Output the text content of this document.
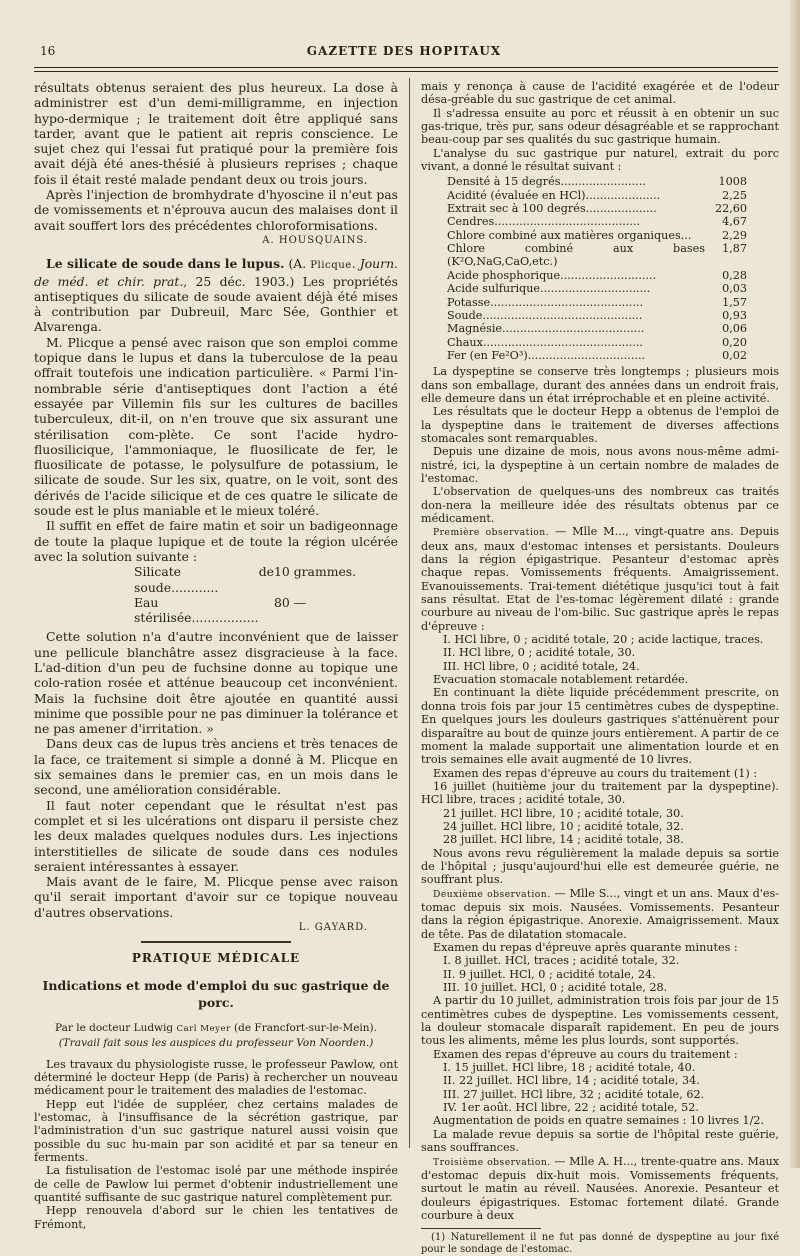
16	GAZETTE DES HOPITAUX

résultats obtenus seraient des plus heureux. La dose à administrer est d'un demi-milligramme, en injection hypo-dermique ; le traitement doit être appliqué sans tarder, avant que le patient ait repris conscience. Le sujet chez qui l'essai fut pratiqué pour la première fois avait déjà été anes-thésié à plusieurs reprises ; chaque fois il était resté malade pendant deux ou trois jours.

Après l'injection de bromhydrate d'hyoscine il n'eut pas de vomissements et n'éprouva aucun des malaises dont il avait souffert lors des précédentes chloroformisations.

A. HOUSQUAINS.

Le silicate de soude dans le lupus. (A. Plicque. Journ. de méd. et chir. prat., 25 déc. 1903.) Les propriétés antiseptiques du silicate de soude avaient déjà été mises à contribution par Dubreuil, Marc Sée, Gonthier et Alvarenga.

M. Plicque a pensé avec raison que son emploi comme topique dans le lupus et dans la tuberculose de la peau offrait toutefois une indication particulière. « Parmi l'in-nombrable série d'antiseptiques dont l'action a été essayée par Villemin fils sur les cultures de bacilles tuberculeux, dit-il, on n'en trouve que six assurant une stérilisation com-plète. Ce sont l'acide hydro-fluosilicique, l'ammoniaque, le fluosilicate de fer, le fluosilicate de potasse, le polysulfure de potassium, le silicate de soude. Sur les six, quatre, on le voit, sont des dérivés de l'acide silicique et de ces quatre le silicate de soude est le plus maniable et le mieux toléré.

Il suffit en effet de faire matin et soir un badigeonnage de toute la plaque lupique et de toute la région ulcérée avec la solution suivante :

Silicate de soude............
10 grammes.
Eau stérilisée.................
80 —

Cette solution n'a d'autre inconvénient que de laisser une pellicule blanchâtre assez disgracieuse à la face. L'ad-dition d'un peu de fuchsine donne au topique une colo-ration rosée et atténue beaucoup cet inconvénient. Mais la fuchsine doit être ajoutée en quantité aussi minime que possible pour ne pas diminuer la tolérance et ne pas amener d'irritation. »

Dans deux cas de lupus très anciens et très tenaces de la face, ce traitement si simple a donné à M. Plicque en six semaines dans le premier cas, en un mois dans le second, une amélioration considérable.

Il faut noter cependant que le résultat n'est pas complet et si les ulcérations ont disparu il persiste chez les deux malades quelques nodules durs. Les injections interstitielles de silicate de soude dans ces nodules seraient intéressantes à essayer.

Mais avant de le faire, M. Plicque pense avec raison qu'il serait important d'avoir sur ce topique nouveau d'autres observations.

L. GAYARD.
PRATIQUE MÉDICALE
Indications et mode d'emploi du suc gastrique de porc.
Par le docteur Ludwig Carl Meyer (de Francfort-sur-le-Mein).
(Travail fait sous les auspices du professeur Von Noorden.)

Les travaux du physiologiste russe, le professeur Pawlow, ont déterminé le docteur Hepp (de Paris) à rechercher un nouveau médicament pour le traitement des maladies de l'estomac.

Hepp eut l'idée de suppléer, chez certains malades de l'estomac, à l'insuffisance de la sécrétion gastrique, par l'administration d'un suc gastrique naturel aussi voisin que possible du suc hu-main par son acidité et par sa teneur en ferments.

La fistulisation de l'estomac isolé par une méthode inspirée de celle de Pawlow lui permet d'obtenir industriellement une quantité suffisante de suc gastrique naturel complètement pur.

Hepp renouvela d'abord sur le chien les tentatives de Frémont,

mais y renonça à cause de l'acidité exagérée et de l'odeur désa-gréable du suc gastrique de cet animal.

Il s'adressa ensuite au porc et réussit à en obtenir un suc gas-trique, très pur, sans odeur désagréable et se rapprochant beau-coup par ses qualités du suc gastrique humain.

L'analyse du suc gastrique pur naturel, extrait du porc vivant, a donné le résultat suivant :

Densité à 15 degrés........................	1008
Acidité (évaluée en HCl).....................	2,25
Extrait sec à 100 degrés....................	22,60
Cendres.........................................	4,67
Chlore combiné aux matières organiques...	2,29
Chlore combiné aux bases (K²O,NaG,CaO,etc.)
1,87
Acide phosphorique...........................	0,28
Acide sulfurique...............................	0,03
Potasse...........................................	1,57
Soude.............................................	0,93
Magnésie........................................	0,06
Chaux.............................................	0,20
Fer (en Fe²O³).................................	0,02

La dyspeptine se conserve très longtemps ; plusieurs mois dans son emballage, durant des années dans un endroit frais, elle demeure dans un état irréprochable et en pleine activité.

Les résultats que le docteur Hepp a obtenus de l'emploi de la dyspeptine dans le traitement de diverses affections stomacales sont remarquables.

Depuis une dizaine de mois, nous avons nous-même admi-nistré, ici, la dyspeptine à un certain nombre de malades de l'estomac.

L'observation de quelques-uns des nombreux cas traités don-nera la meilleure idée des résultats obtenus par ce médicament.

Première observation. — Mlle M..., vingt-quatre ans. Depuis deux ans, maux d'estomac intenses et persistants. Douleurs dans la région épigastrique. Pesanteur d'estomac après chaque repas. Vomissements fréquents. Amaigrissement. Evanouissements. Trai-tement diététique jusqu'ici tout à fait sans résultat. Etat de l'es-tomac légèrement dilaté : grande courbure au niveau de l'om-bilic. Suc gastrique après le repas d'épreuve :

I. HCl libre, 0 ; acidité totale, 20 ; acide lactique, traces.
II. HCl libre, 0 ; acidité totale, 30.
III. HCl libre, 0 ; acidité totale, 24.

Evacuation stomacale notablement retardée.

En continuant la diète liquide précédemment prescrite, on donna trois fois par jour 15 centimètres cubes de dyspeptine. En quelques jours les douleurs gastriques s'atténuèrent pour disparaître au bout de quinze jours entièrement. A partir de ce moment la malade supportait une alimentation lourde et en trois semaines elle avait augmenté de 10 livres.

Examen des repas d'épreuve au cours du traitement (1) :

16 juillet (huitième jour du traitement par la dyspeptine). HCl libre, traces ; acidité totale, 30.

21 juillet. HCl libre, 10 ; acidité totale, 30.
24 juillet. HCl libre, 10 ; acidité totale, 32.
28 juillet. HCl libre, 14 ; acidité totale, 38.

Nous avons revu régulièrement la malade depuis sa sortie de l'hôpital ; jusqu'aujourd'hui elle est demeurée guérie, ne souffrant plus.

Deuxième observation. — Mlle S..., vingt et un ans. Maux d'es-tomac depuis six mois. Nausées. Vomissements. Pesanteur dans la région épigastrique. Anorexie. Amaigrissement. Maux de tête. Pas de dilatation stomacale.

Examen du repas d'épreuve après quarante minutes :

I. 8 juillet. HCl, traces ; acidité totale, 32.
II. 9 juillet. HCl, 0 ; acidité totale, 24.
III. 10 juillet. HCl, 0 ; acidité totale, 28.

A partir du 10 juillet, administration trois fois par jour de 15 centimètres cubes de dyspeptine. Les vomissements cessent, la douleur stomacale disparaît rapidement. En peu de jours tous les aliments, même les plus lourds, sont supportés.

Examen des repas d'épreuve au cours du traitement :

I. 15 juillet. HCl libre, 18 ; acidité totale, 40.
II. 22 juillet. HCl libre, 14 ; acidité totale, 34.
III. 27 juillet. HCl libre, 32 ; acidité totale, 62.
IV. 1er août. HCl libre, 22 ; acidité totale, 52.

Augmentation de poids en quatre semaines : 10 livres 1/2.

La malade revue depuis sa sortie de l'hôpital reste guérie, sans souffrances.

Troisième observation. — Mlle A. H..., trente-quatre ans. Maux d'estomac depuis dix-huit mois. Vomissements fréquents, surtout le matin au réveil. Nausées. Anorexie. Pesanteur et douleurs épigastriques. Estomac fortement dilaté. Grande courbure à deux

(1) Naturellement il ne fut pas donné de dyspeptine au jour fixé pour le sondage de l'estomac.
